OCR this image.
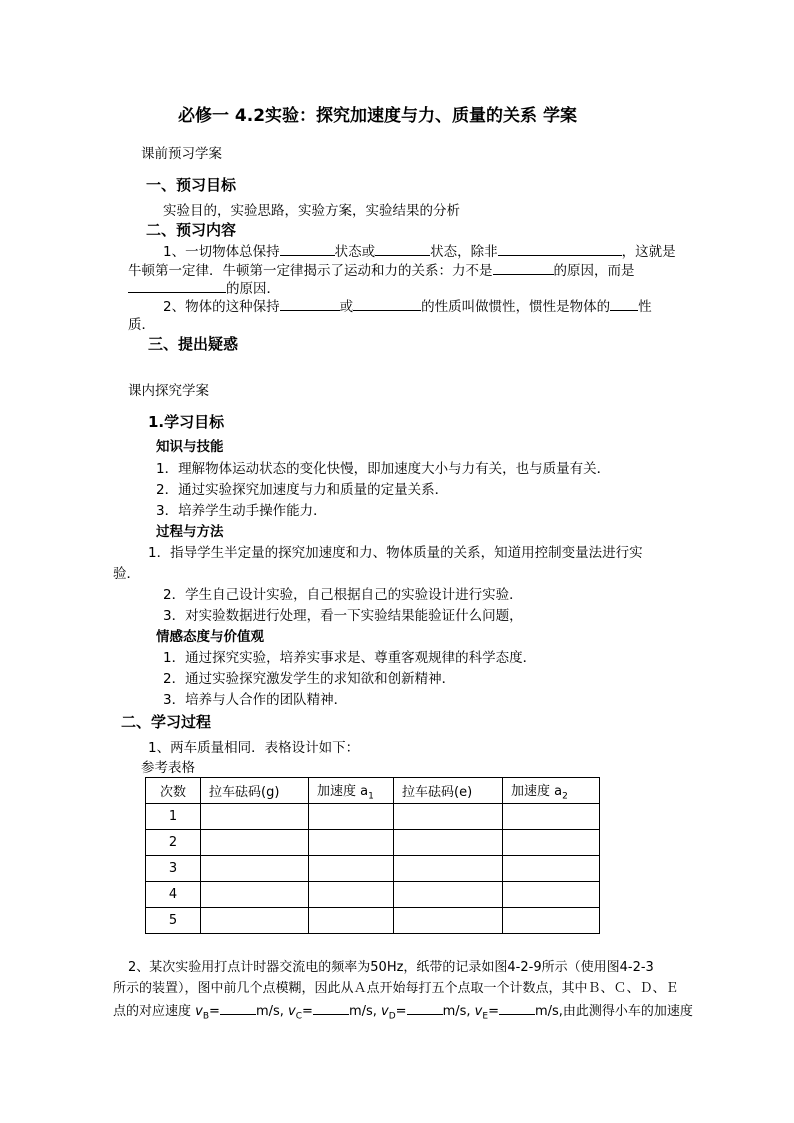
必修一 4.2实验：探究加速度与力、质量的关系 学案
课前预习学案
一、预习目标
实验目的，实验思路，实验方案，实验结果的分析
二、预习内容
1、一切物体总保持	状态或	状态，除非	，这就是
牛顿第一定律．牛顿第一定律揭示了运动和力的关系：力不是	的原因，而是
的原因．
2、物体的这种保持	或	的性质叫做惯性，惯性是物体的 性
质．
三、提出疑惑
课内探究学案
1.学习目标
知识与技能
1．理解物体运动状态的变化快慢，即加速度大小与力有关，也与质量有关．
2．通过实验探究加速度与力和质量的定量关系．
3．培养学生动手操作能力．
过程与方法
1．指导学生半定量的探究加速度和力、物体质量的关系，知道用控制变量法进行实
验．
2．学生自己设计实验，自己根据自己的实验设计进行实验．
3．对实验数据进行处理，看一下实验结果能验证什么问题，
情感态度与价值观
1．通过探究实验，培养实事求是、尊重客观规律的科学态度．
2．通过实验探究激发学生的求知欲和创新精神．
3．培养与人合作的团队精神．
二、学习过程
1、两车质量相同．表格设计如下：
参考表格
次数	拉车砝码(g)	加速度 $a_1$	拉车砝码(e)	加速度 $a_2$
1				
2				
3				
4				
5				
2、某次实验用打点计时器交流电的频率为50Hz，纸带的记录如图4-2-9所示（使用图4-2-3
所示的装置），图中前几个点模糊，因此从Ａ点开始每打五个点取一个计数点，其中Ｂ、Ｃ、Ｄ、Ｅ
点的对应速度 $v_B=$	m/s, $v_C=$	m/s, $v_D=$	m/s, $v_E=$	m/s,由此测得小车的加速度
